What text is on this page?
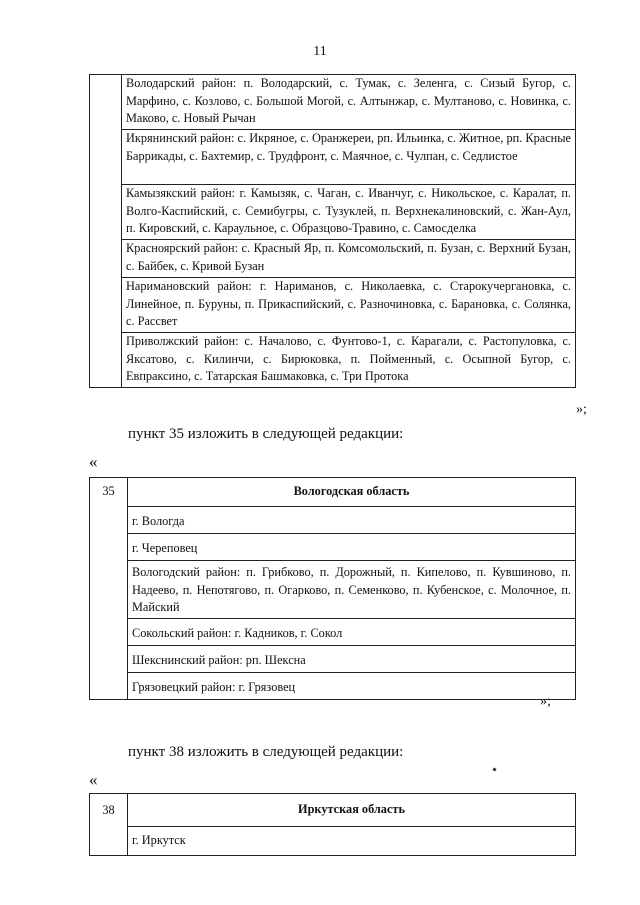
11
	Володарский район: п. Володарский, с. Тумак, с. Зеленга, с. Сизый Бугор, с. Марфино, с. Козлово, с. Большой Могой, с. Алтынжар, с. Мултаново, с. Новинка, с. Маково, с. Новый Рычан
Икрянинский район: с. Икряное, с. Оранжереи, рп. Ильинка, с. Житное, рп. Красные Баррикады, с. Бахтемир, с. Трудфронт, с. Маячное, с. Чулпан, с. Седлистое
Камызякский район: г. Камызяк, с. Чаган, с. Иванчуг, с. Никольское, с. Каралат, п. Волго-Каспийский, с. Семибугры, с. Тузуклей, п. Верхнекалиновский, с. Жан-Аул, п. Кировский, с. Караульное, с. Образцово-Травино, с. Самосделка
Красноярский район: с. Красный Яр, п. Комсомольский, п. Бузан, с. Верхний Бузан, с. Байбек, с. Кривой Бузан
Наримановский район: г. Нариманов, с. Николаевка, с. Старокучергановка, с. Линейное, п. Буруны, п. Прикаспийский, с. Разночиновка, с. Барановка, с. Солянка, с. Рассвет
Приволжский район: с. Началово, с. Фунтово-1, с. Карагали, с. Растопуловка, с. Яксатово, с. Килинчи, с. Бирюковка, п. Пойменный, с. Осыпной Бугор, с. Евпраксино, с. Татарская Башмаковка, с. Три Протока
»;
пункт 35 изложить в следующей редакции:
«
35	Вологодская область
г. Вологда
г. Череповец
Вологодский район: п. Грибково, п. Дорожный, п. Кипелово, п. Кувшиново, п. Надеево, п. Непотягово, п. Огарково, п. Семенково, п. Кубенское, с. Молочное, п. Майский
Сокольский район: г. Кадников, г. Сокол
Шекснинский район: рп. Шексна
Грязовецкий район: г. Грязовец
»;
пункт 38 изложить в следующей редакции:
«
38	Иркутская область
г. Иркутск
